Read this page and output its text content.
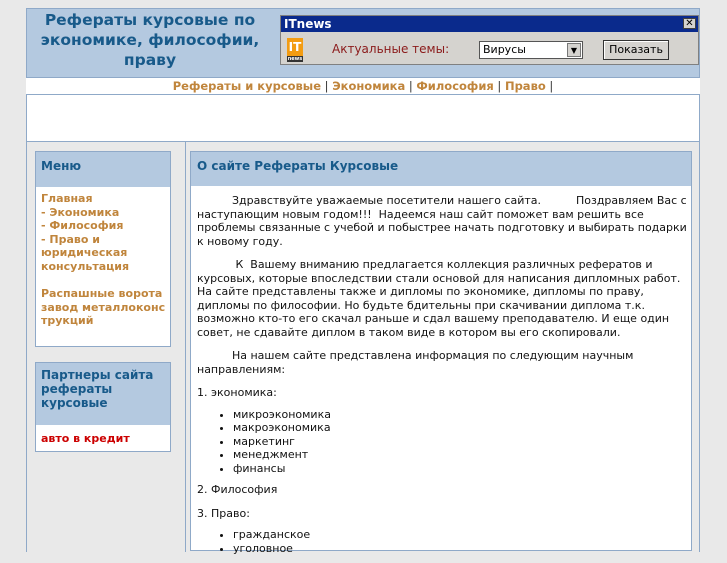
Рефераты курсовые по экономике, философии, праву
ITnews	✕
IT
news
Актуальные темы:	Вирусы	▼	Показать
Рефераты и курсовые | Экономика | Философия | Право |
Меню
Главная
- Экономика
- Философия
- Право и юридическая консультация
Распашные ворота завод металлоконструкций
Партнеры сайта рефераты курсовые
авто в кредит
О сайте Рефераты Курсовые

Здравствуйте уважаемые посетители нашего сайта.          Поздравляем Вас с наступающим новым годом!!!  Надеемся наш сайт поможет вам решить все проблемы связанные с учебой и побыстрее начать подготовку и выбирать подарки к новому году.

К  Вашему вниманию предлагается коллекция различных рефератов и курсовых, которые впоследствии стали основой для написания дипломных работ. На сайте представлены также и дипломы по экономике, дипломы по праву, дипломы по философии. Но будьте бдительны при скачивании диплома т.к. возможно кто-то его скачал раньше и сдал вашему преподавателю. И еще один совет, не сдавайте диплом в таком виде в котором вы его скопировали.

На нашем сайте представлена информация по следующим научным направлениям:

1. экономика:

• микроэкономика
• макроэкономика
• маркетинг
• менеджмент
• финансы

2. Философия

3. Право:

• гражданское
• уголовное
